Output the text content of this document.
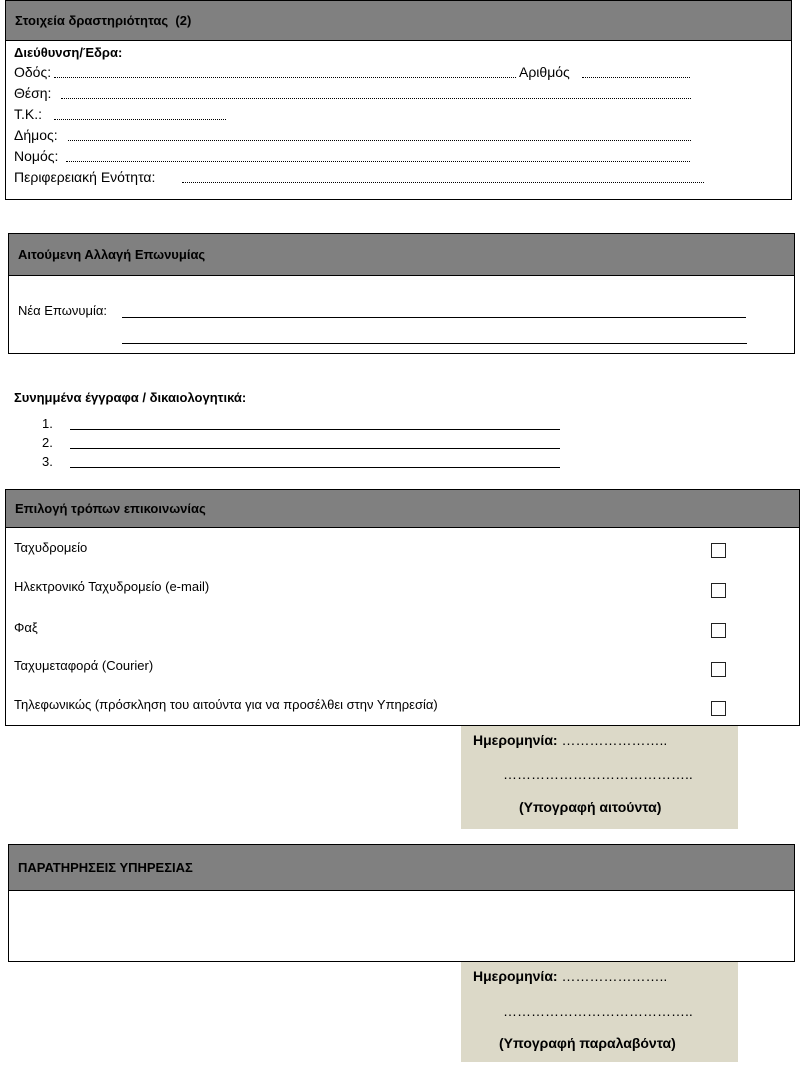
Στοιχεία δραστηριότητας  (2)
Διεύθυνση/Έδρα:
Οδός:	Αριθμός
Θέση:
Τ.Κ.:
Δήμος:
Νομός:
Περιφερειακή Ενότητα:
Αιτούμενη Αλλαγή Επωνυμίας
Νέα Επωνυμία:
Συνημμένα έγγραφα / δικαιολογητικά:
1.
2.
3.
Επιλογή τρόπων επικοινωνίας
Ταχυδρομείο
Ηλεκτρονικό Ταχυδρομείο (e-mail)
Φαξ
Ταχυμεταφορά (Courier)
Τηλεφωνικώς (πρόσκληση του αιτούντα για να προσέλθει στην Υπηρεσία)
Ημερομηνία: …………………..
…………………………………..
(Υπογραφή αιτούντα)
ΠΑΡΑΤΗΡΗΣΕΙΣ ΥΠΗΡΕΣΙΑΣ
Ημερομηνία: …………………..
…………………………………..
(Υπογραφή παραλαβόντα)
